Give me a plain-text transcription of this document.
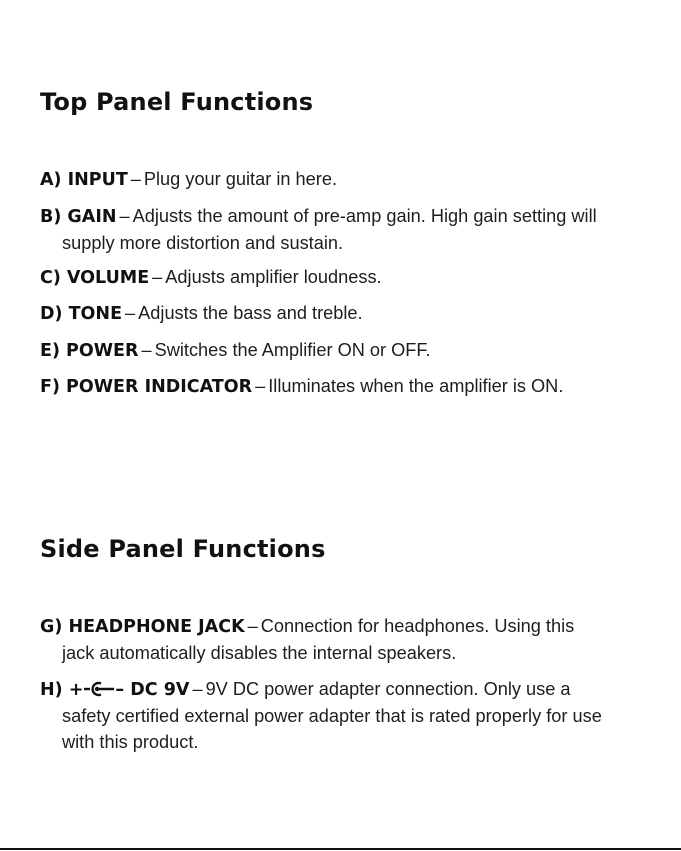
Top Panel Functions
A) INPUT – Plug your guitar in here.
B) GAIN – Adjusts the amount of pre-amp gain. High gain setting will
supply more distortion and sustain.
C) VOLUME – Adjusts amplifier loudness.
D) TONE – Adjusts the bass and treble.
E) POWER – Switches the Amplifier ON or OFF.
F) POWER INDICATOR – Illuminates when the amplifier is ON.
Side Panel Functions
G) HEADPHONE JACK – Connection for headphones. Using this
jack automatically disables the internal speakers.
H) + – DC 9V – 9V DC power adapter connection. Only use a
safety certified external power adapter that is rated properly for use
with this product.
